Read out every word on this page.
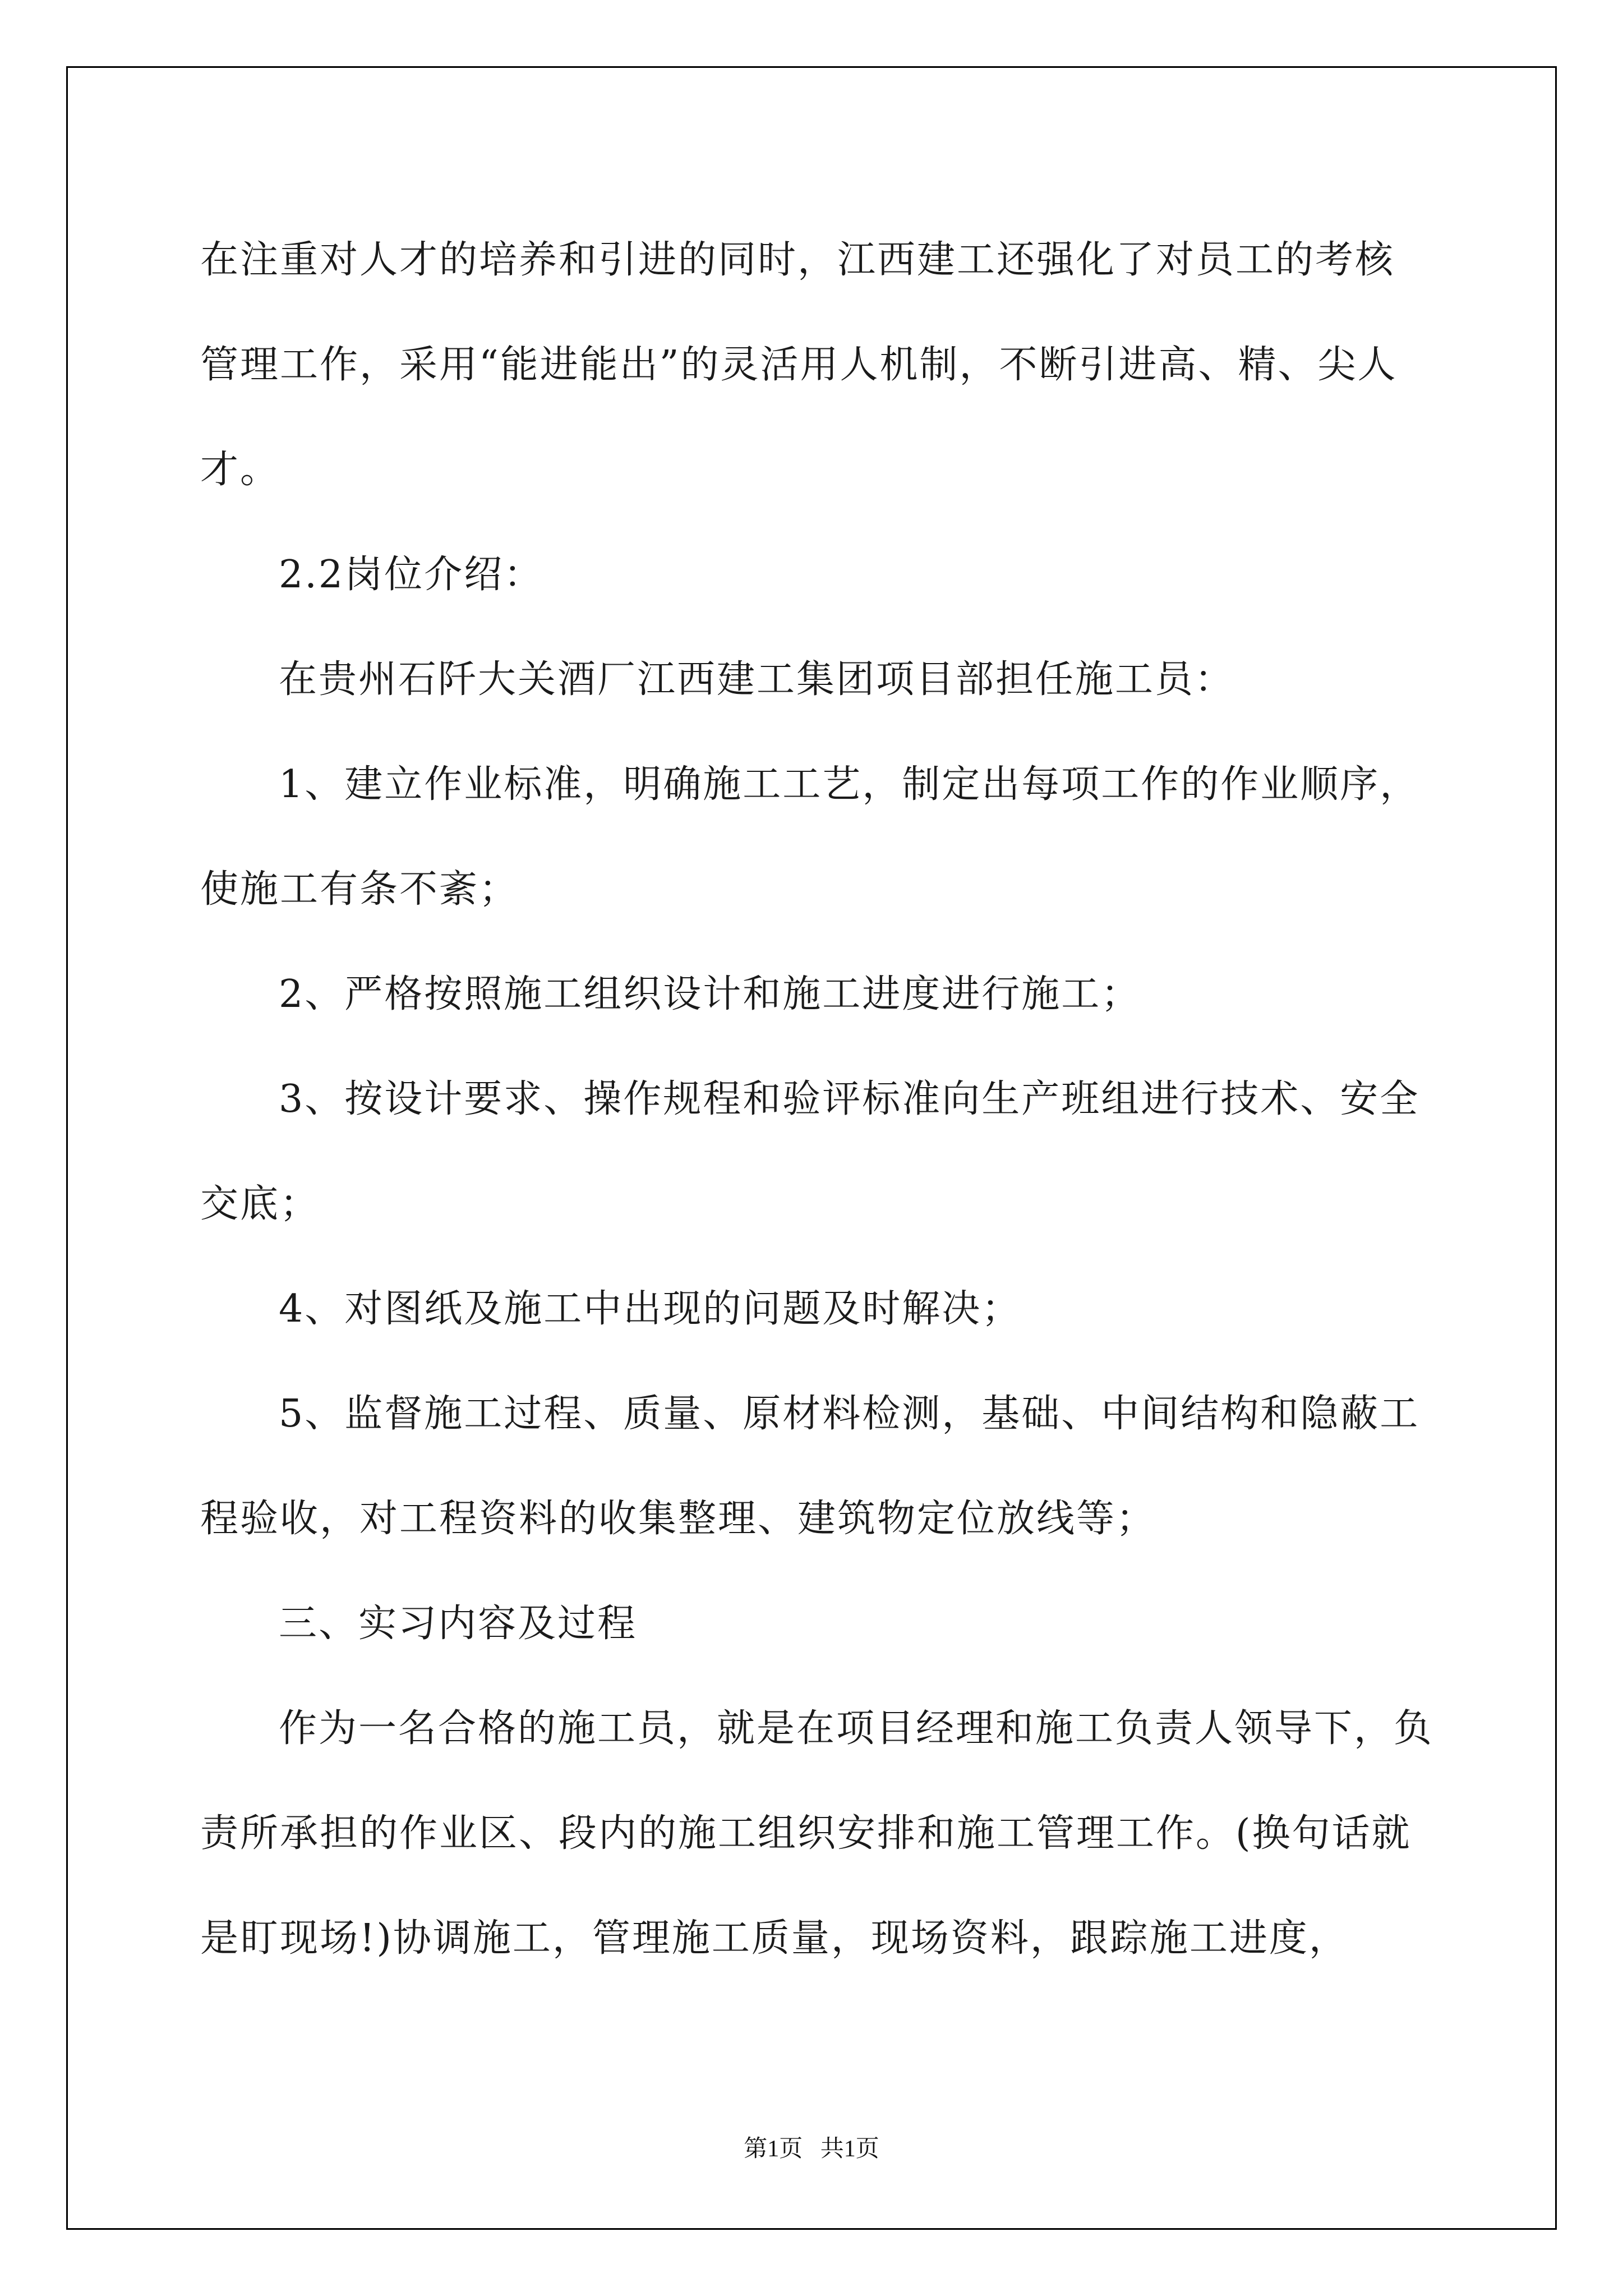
在注重对人才的培养和引进的同时，江西建工还强化了对员工的考核管理工作，采用“能进能出”的灵活用人机制，不断引进高、精、尖人才。

2.2岗位介绍：

在贵州石阡大关酒厂江西建工集团项目部担任施工员：

1、建立作业标准，明确施工工艺，制定出每项工作的作业顺序，使施工有条不紊；

2、严格按照施工组织设计和施工进度进行施工；

3、按设计要求、操作规程和验评标准向生产班组进行技术、安全交底；

4、对图纸及施工中出现的问题及时解决；

5、监督施工过程、质量、原材料检测，基础、中间结构和隐蔽工程验收，对工程资料的收集整理、建筑物定位放线等；

三、实习内容及过程

作为一名合格的施工员，就是在项目经理和施工负责人领导下，负责所承担的作业区、段内的施工组织安排和施工管理工作。(换句话就是盯现场!)协调施工，管理施工质量，现场资料，跟踪施工进度，

第1页 共1页
